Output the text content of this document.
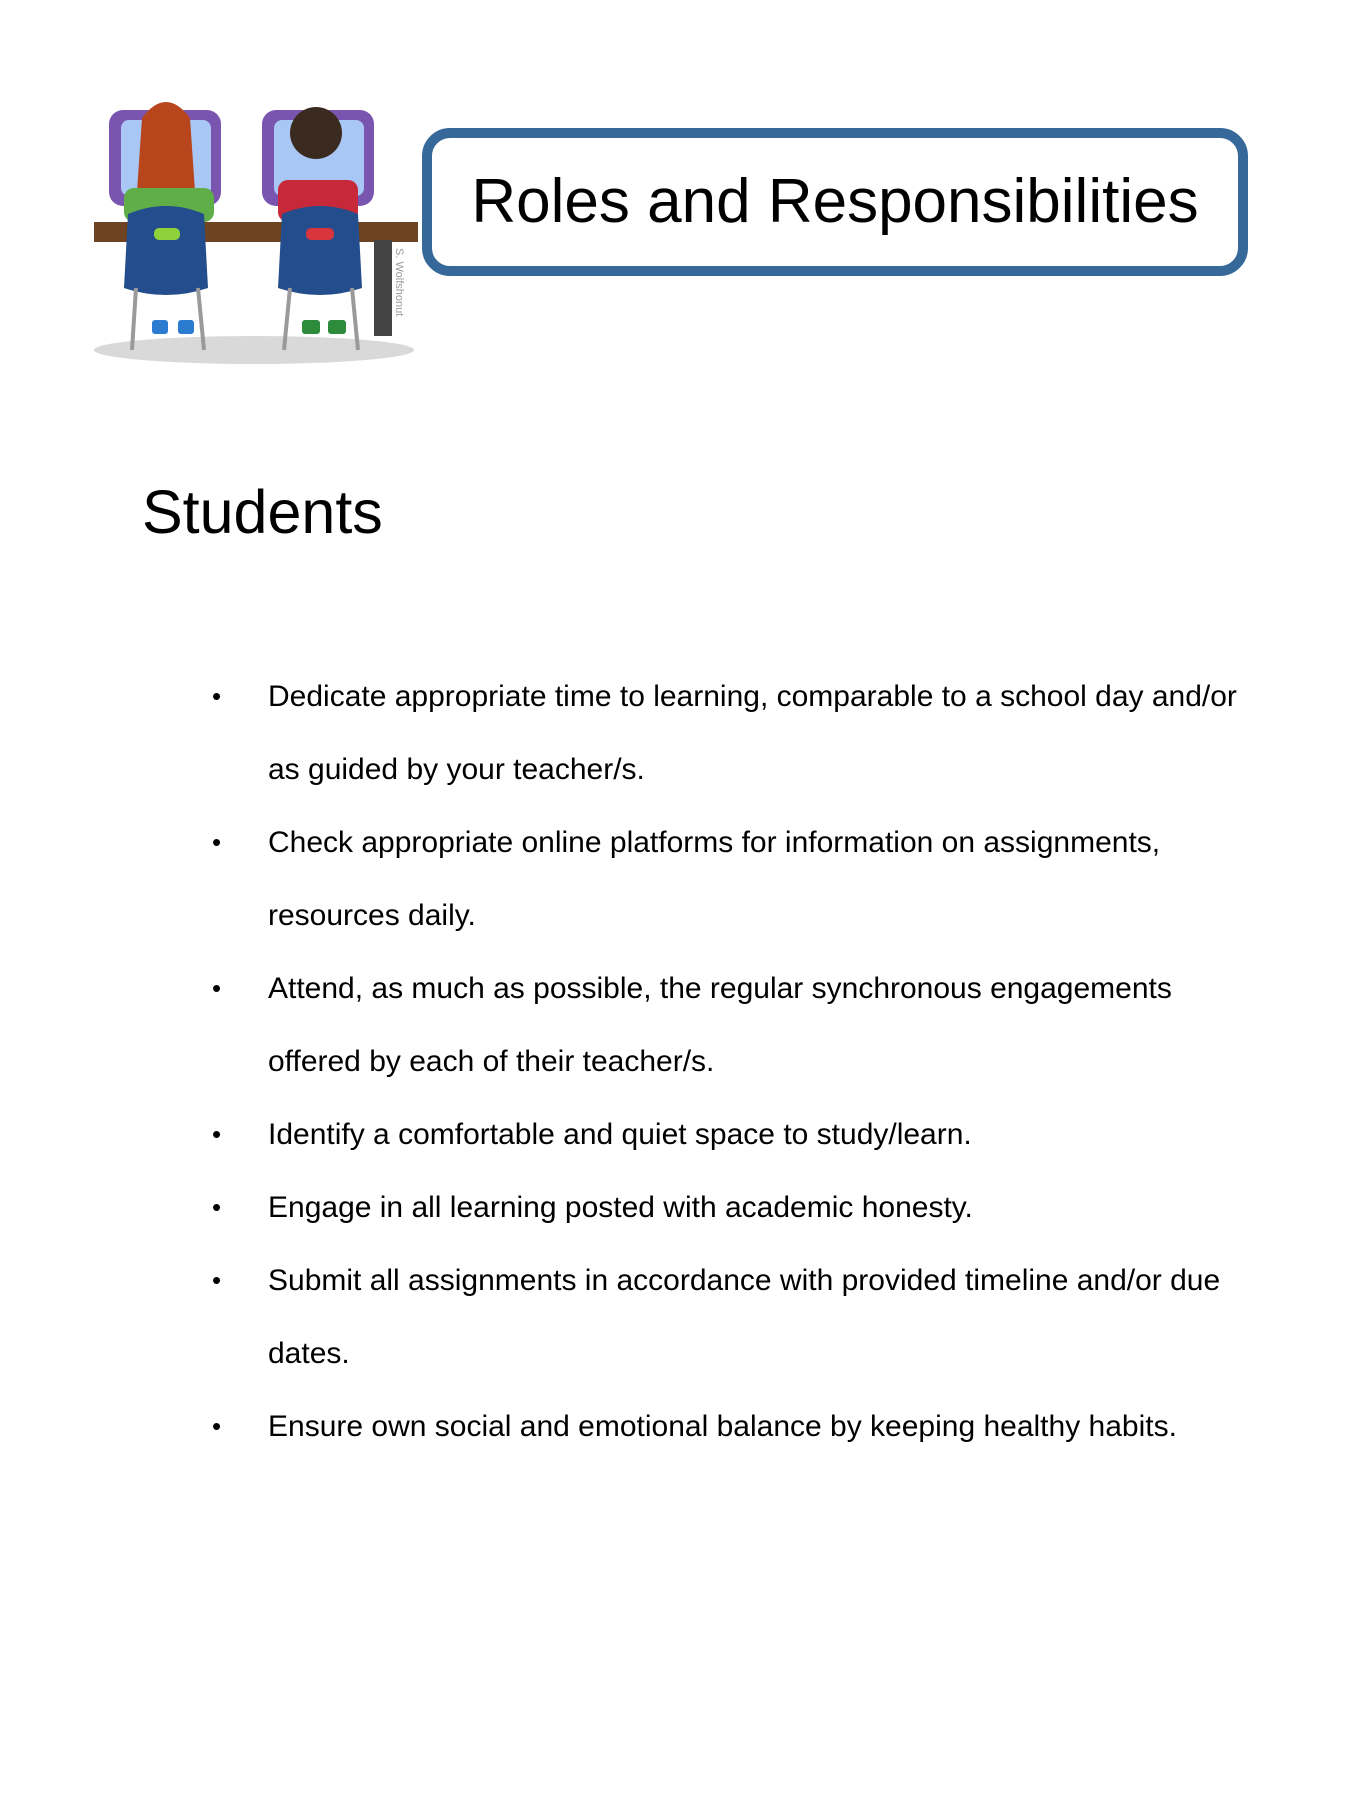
S. Wolfshonut
Roles and Responsibilities
Students
• Dedicate appropriate time to learning, comparable to a school day and/or as guided by your teacher/s.
• Check appropriate online platforms for information on assignments, resources daily.
• Attend, as much as possible, the regular synchronous engagements offered by each of their teacher/s.
• Identify a comfortable and quiet space to study/learn.
• Engage in all learning posted with academic honesty.
• Submit all assignments in accordance with provided timeline and/or due dates.
• Ensure own social and emotional balance by keeping healthy habits.
